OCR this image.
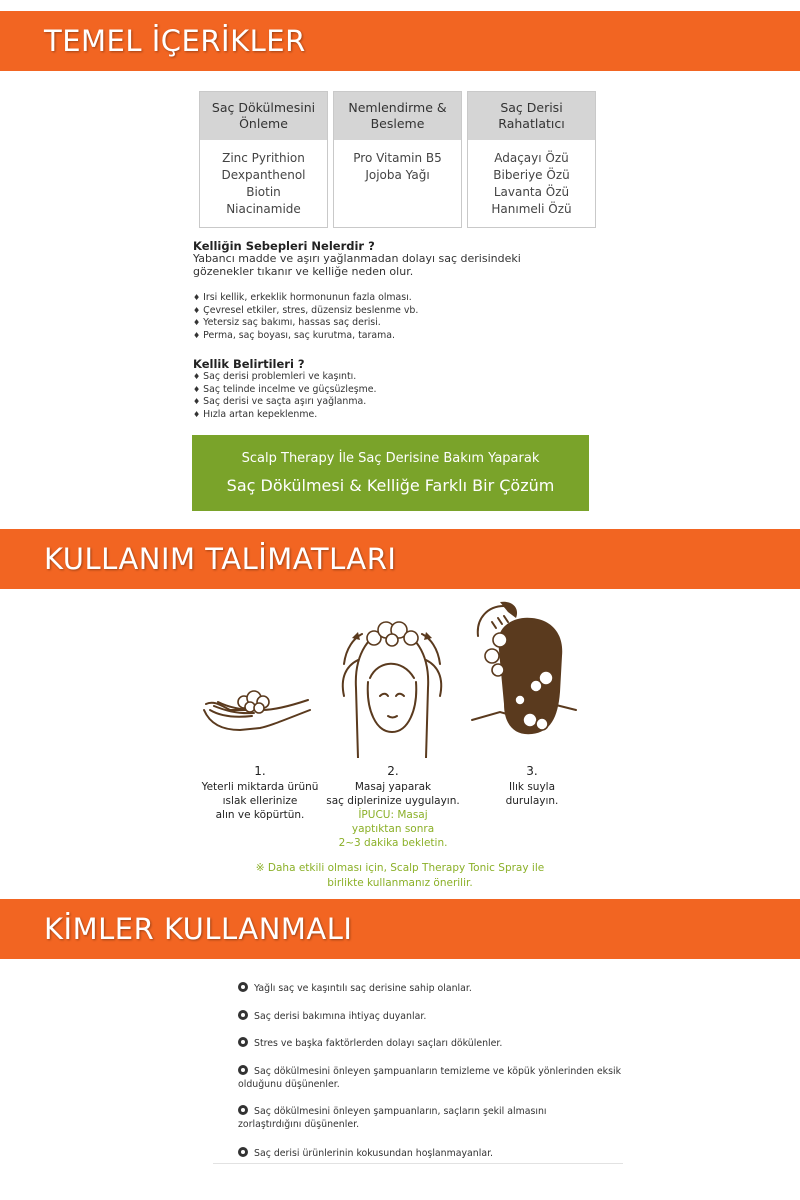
TEMEL İÇERİKLER
Saç Dökülmesini
Önleme
Zinc Pyrithion
Dexpanthenol
Biotin
Niacinamide
Nemlendirme &
Besleme
Pro Vitamin B5
Jojoba Yağı
Saç Derisi
Rahatlatıcı
Adaçayı Özü
Biberiye Özü
Lavanta Özü
Hanımeli Özü
Kelliğin Sebepleri Nelerdir ?
Yabancı madde ve aşırı yağlanmadan dolayı saç derisindeki
gözenekler tıkanır ve kelliğe neden olur.
♦ Irsi kellik, erkeklik hormonunun fazla olması.
♦ Çevresel etkiler, stres, düzensiz beslenme vb.
♦ Yetersiz saç bakımı, hassas saç derisi.
♦ Perma, saç boyası, saç kurutma, tarama.
Kellik Belirtileri ?
♦ Saç derisi problemleri ve kaşıntı.
♦ Saç telinde incelme ve güçsüzleşme.
♦ Saç derisi ve saçta aşırı yağlanma.
♦ Hızla artan kepeklenme.
Scalp Therapy İle Saç Derisine Bakım Yaparak
Saç Dökülmesi & Kelliğe Farklı Bir Çözüm
KULLANIM TALİMATLARI
1.
Yeterli miktarda ürünü
ıslak ellerinize
alın ve köpürtün.
2.
Masaj yaparak
saç diplerinize uygulayın.
İPUCU: Masaj
yaptıktan sonra
2~3 dakika bekletin.
3.
Ilık suyla
durulayın.
※ Daha etkili olması için, Scalp Therapy Tonic Spray ile
birlikte kullanmanız önerilir.
KİMLER KULLANMALI
Yağlı saç ve kaşıntılı saç derisine sahip olanlar.
Saç derisi bakımına ihtiyaç duyanlar.
Stres ve başka faktörlerden dolayı saçları dökülenler.
Saç dökülmesini önleyen şampuanların temizleme ve köpük yönlerinden eksik
olduğunu düşünenler.
Saç dökülmesini önleyen şampuanların, saçların şekil almasını
zorlaştırdığını düşünenler.
Saç derisi ürünlerinin kokusundan hoşlanmayanlar.
